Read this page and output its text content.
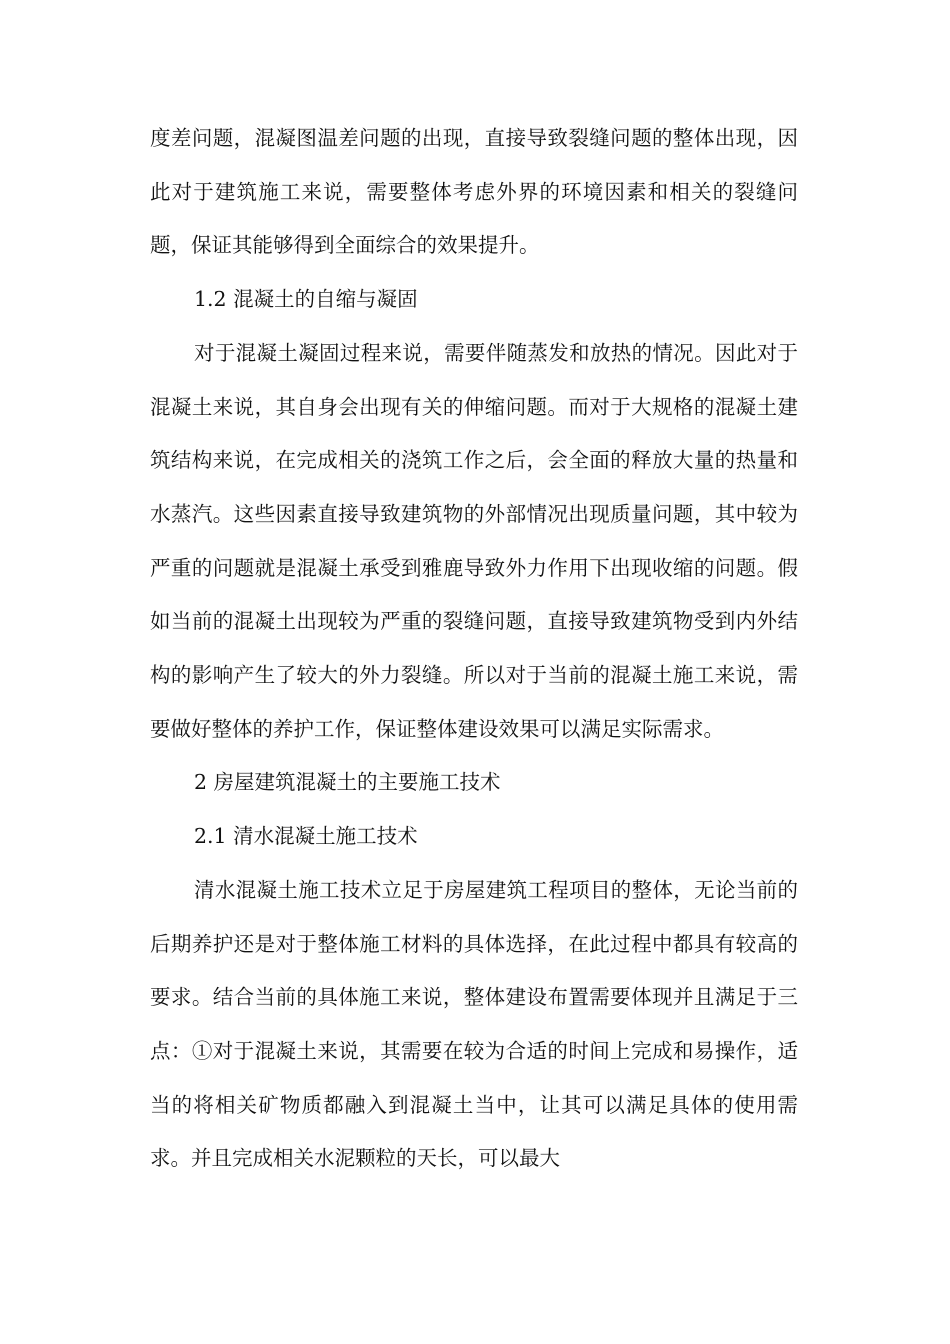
度差问题，混凝图温差问题的出现，直接导致裂缝问题的整体出现，因此对于建筑施工来说，需要整体考虑外界的环境因素和相关的裂缝问题，保证其能够得到全面综合的效果提升。

1.2 混凝土的自缩与凝固

对于混凝土凝固过程来说，需要伴随蒸发和放热的情况。因此对于混凝土来说，其自身会出现有关的伸缩问题。而对于大规格的混凝土建筑结构来说，在完成相关的浇筑工作之后，会全面的释放大量的热量和水蒸汽。这些因素直接导致建筑物的外部情况出现质量问题，其中较为严重的问题就是混凝土承受到雅鹿导致外力作用下出现收缩的问题。假如当前的混凝土出现较为严重的裂缝问题，直接导致建筑物受到内外结构的影响产生了较大的外力裂缝。所以对于当前的混凝土施工来说，需要做好整体的养护工作，保证整体建设效果可以满足实际需求。

2 房屋建筑混凝土的主要施工技术

2.1 清水混凝土施工技术

清水混凝土施工技术立足于房屋建筑工程项目的整体，无论当前的后期养护还是对于整体施工材料的具体选择，在此过程中都具有较高的要求。结合当前的具体施工来说，整体建设布置需要体现并且满足于三点：①对于混凝土来说，其需要在较为合适的时间上完成和易操作，适当的将相关矿物质都融入到混凝土当中，让其可以满足具体的使用需求。并且完成相关水泥颗粒的天长，可以最大
